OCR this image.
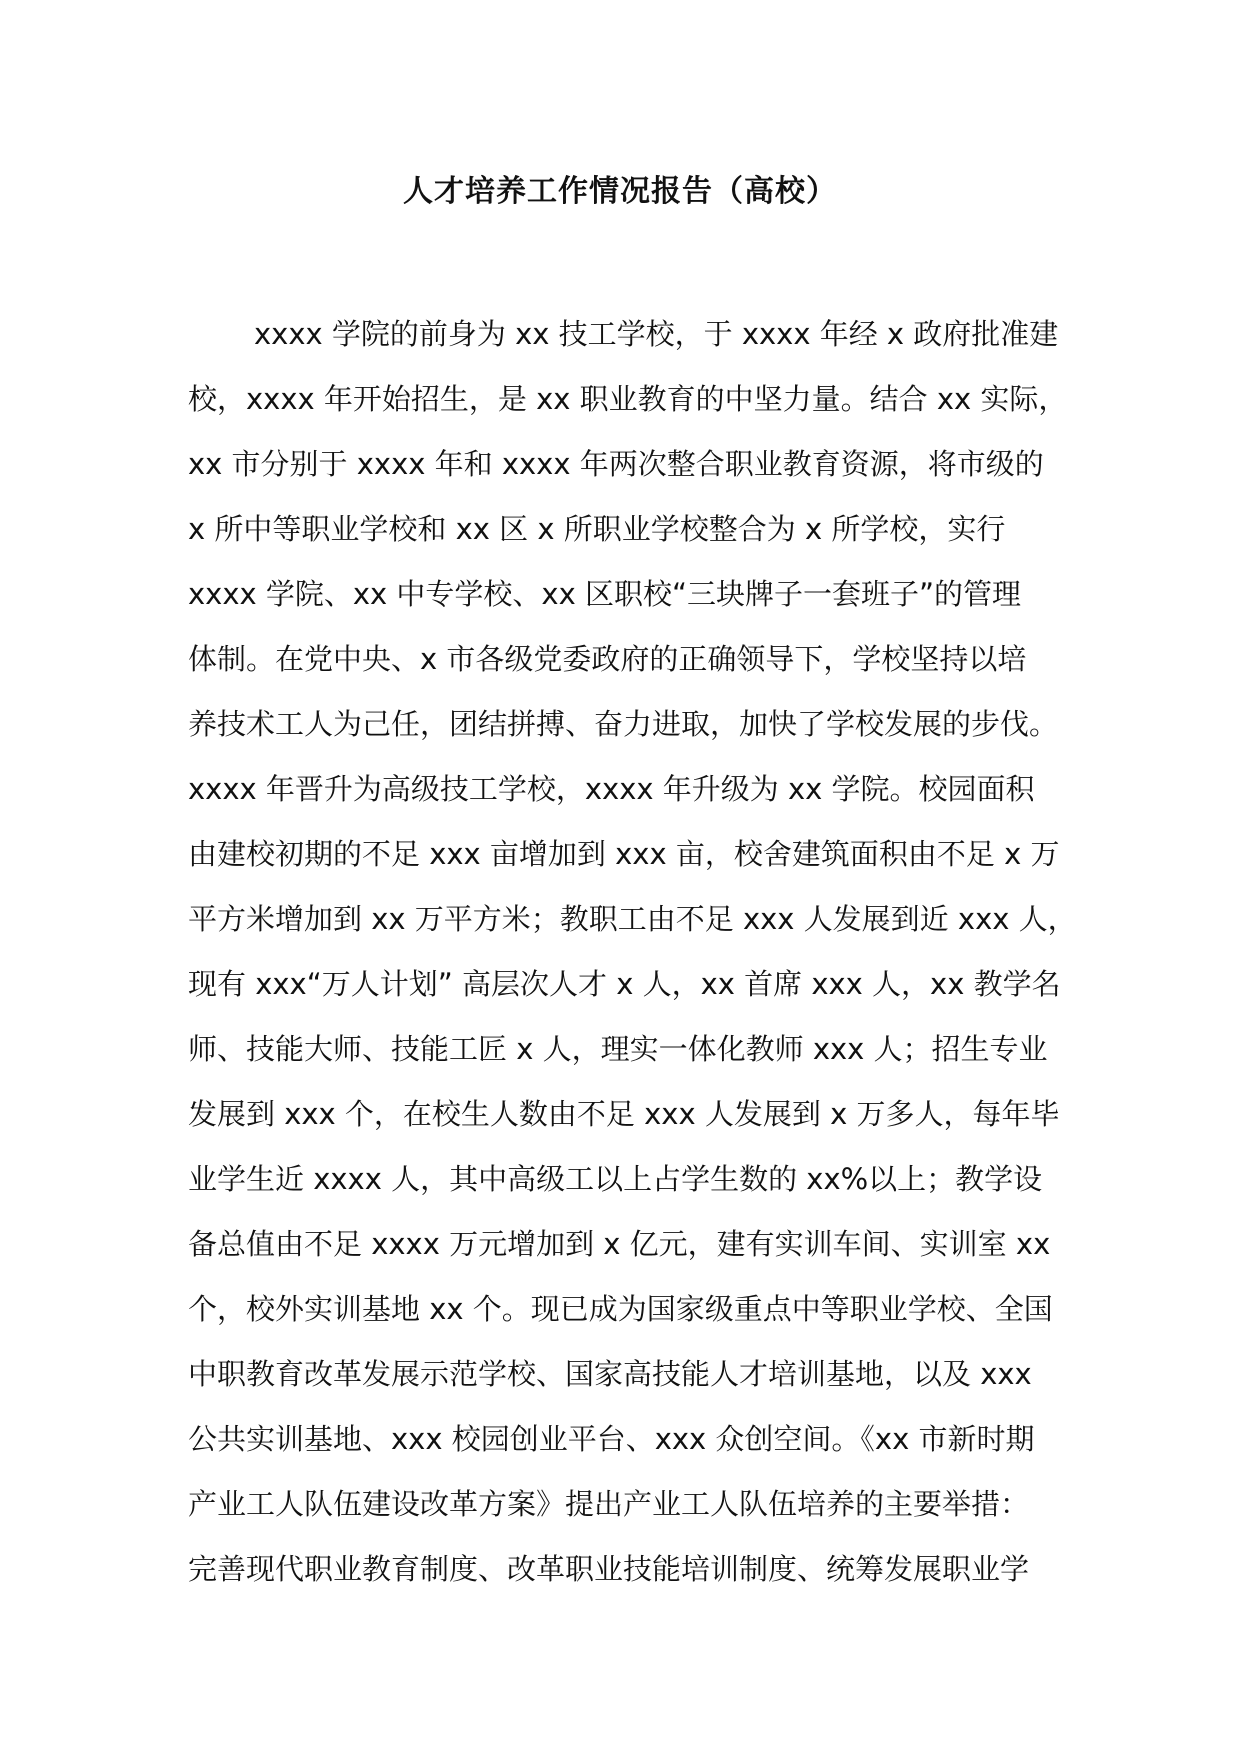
人才培养工作情况报告（高校）
xxxx 学院的前身为 xx 技工学校，于 xxxx 年经 x 政府批准建
校，xxxx 年开始招生，是 xx 职业教育的中坚力量。结合 xx 实际，
xx 市分别于 xxxx 年和 xxxx 年两次整合职业教育资源，将市级的
x 所中等职业学校和 xx 区 x 所职业学校整合为 x 所学校，实行
xxxx 学院、xx 中专学校、xx 区职校“三块牌子一套班子”的管理
体制。在党中央、x 市各级党委政府的正确领导下，学校坚持以培
养技术工人为己任，团结拼搏、奋力进取，加快了学校发展的步伐。
xxxx 年晋升为高级技工学校，xxxx 年升级为 xx 学院。校园面积
由建校初期的不足 xxx 亩增加到 xxx 亩，校舍建筑面积由不足 x 万
平方米增加到 xx 万平方米；教职工由不足 xxx 人发展到近 xxx 人，
现有 xxx“万人计划” 高层次人才 x 人，xx 首席 xxx 人，xx 教学名
师、技能大师、技能工匠 x 人，理实一体化教师 xxx 人；招生专业
发展到 xxx 个，在校生人数由不足 xxx 人发展到 x 万多人，每年毕
业学生近 xxxx 人，其中高级工以上占学生数的 xx%以上；教学设
备总值由不足 xxxx 万元增加到 x 亿元，建有实训车间、实训室 xx
个，校外实训基地 xx 个。现已成为国家级重点中等职业学校、全国
中职教育改革发展示范学校、国家高技能人才培训基地，以及 xxx
公共实训基地、xxx 校园创业平台、xxx 众创空间。《xx 市新时期
产业工人队伍建设改革方案》提出产业工人队伍培养的主要举措：
完善现代职业教育制度、改革职业技能培训制度、统筹发展职业学
